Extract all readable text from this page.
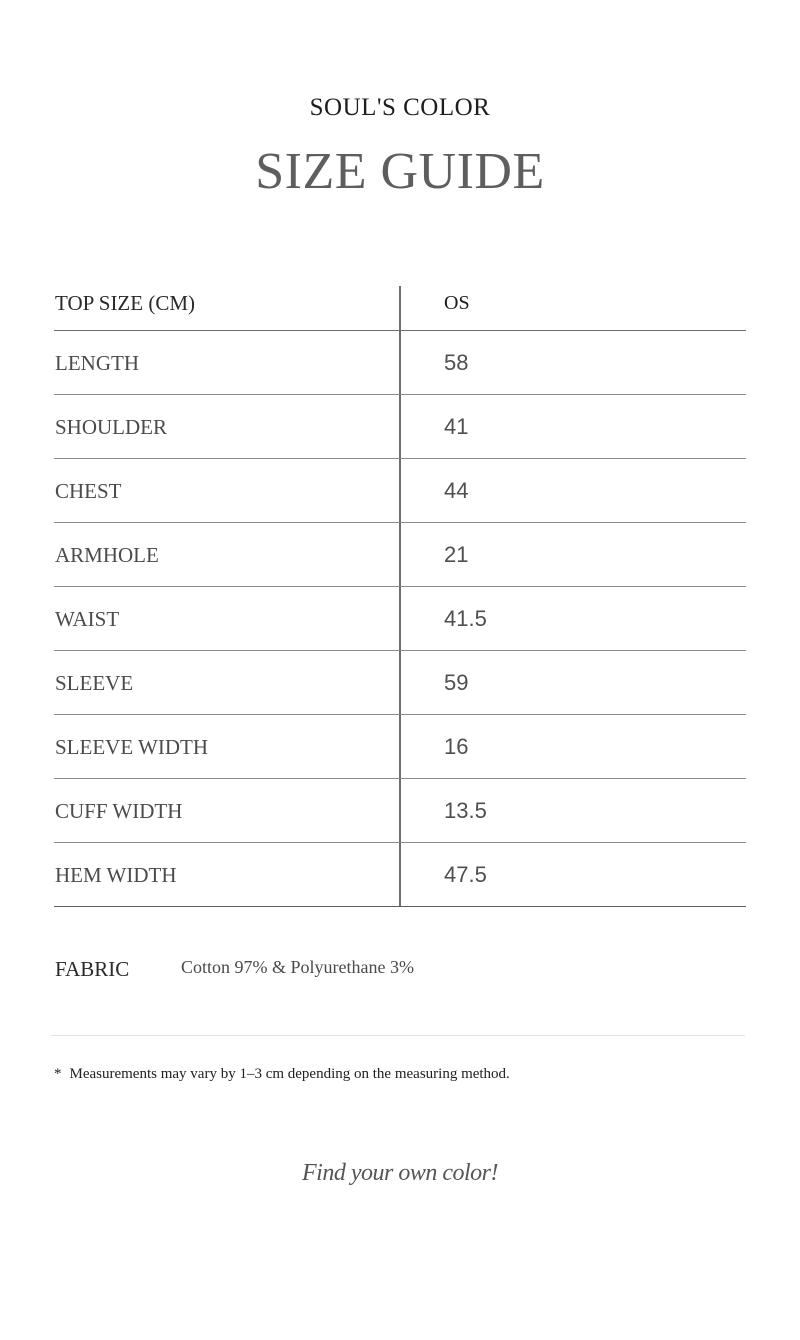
SOUL'S COLOR
SIZE GUIDE
TOP SIZE (CM)	OS
LENGTH	58
SHOULDER	41
CHEST	44
ARMHOLE	21
WAIST	41.5
SLEEVE	59
SLEEVE WIDTH	16
CUFF WIDTH	13.5
HEM WIDTH	47.5
FABRIC	Cotton 97% & Polyurethane 3%
* Measurements may vary by 1–3 cm depending on the measuring method.
Find your own color!
